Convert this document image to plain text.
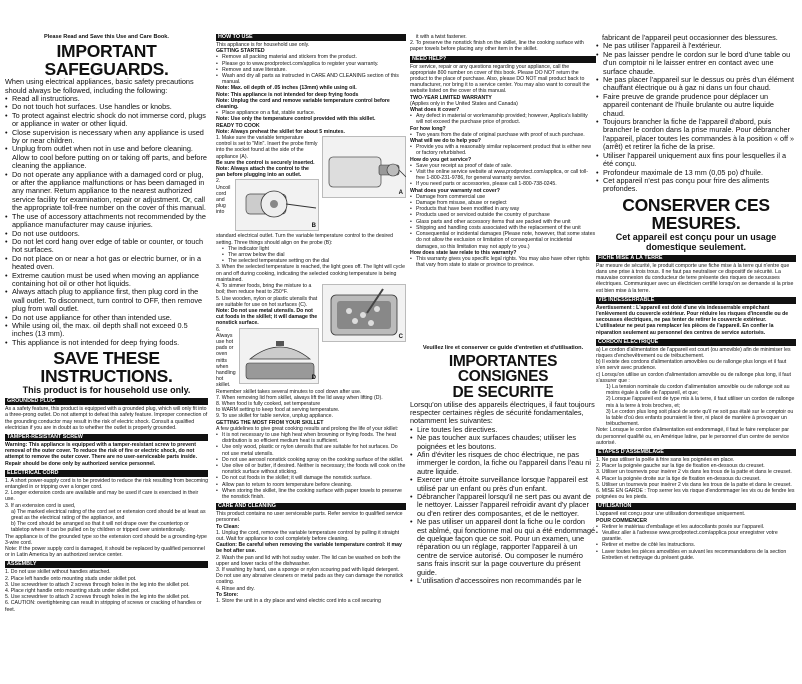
Please Read and Save this Use and Care Book.
IMPORTANT SAFEGUARDS.

When using electrical appliances, basic safety precautions should always be followed, including the following:

• Read all instructions.
• Do not touch hot surfaces. Use handles or knobs.
• To protect against electric shock do not immerse cord, plugs or appliance in water or other liquid.
• Close supervision is necessary when any appliance is used by or near children.
• Unplug from outlet when not in use and before cleaning. Allow to cool before putting on or taking off parts, and before cleaning the appliance.
• Do not operate any appliance with a damaged cord or plug, or after the appliance malfunctions or has been damaged in any manner. Return appliance to the nearest authorized service facility for examination, repair or adjustment. Or, call the appropriate toll-free number on the cover of this manual.
• The use of accessory attachments not recommended by the appliance manufacturer may cause injuries.
• Do not use outdoors.
• Do not let cord hang over edge of table or counter, or touch hot surfaces.
• Do not place on or near a hot gas or electric burner, or in a heated oven.
• Extreme caution must be used when moving an appliance containing hot oil or other hot liquids.
• Always attach plug to appliance first, then plug cord in the wall outlet. To disconnect, turn control to OFF, then remove plug from wall outlet.
• Do not use appliance for other than intended use.
• While using oil, the max. oil depth shall not exceed 0.5 inches (13 mm).
• This appliance is not intended for deep frying foods.
SAVE THESE INSTRUCTIONS.
This product is for household use only.
GROUNDED PLUG

As a safety feature, this product is equipped with a grounded plug, which will only fit into a three-prong outlet. Do not attempt to defeat this safety feature. Improper connection of the grounding conductor may result in the risk of electric shock. Consult a qualified electrician if you are in doubt as to whether the outlet is properly grounded.

TAMPER-RESISTANT SCREW

Warning: This appliance is equipped with a tamper-resistant screw to prevent removal of the outer cover. To reduce the risk of fire or electric shock, do not attempt to remove the outer cover. There are no user-serviceable parts inside. Repair should be done only by authorized service personnel.

ELECTRICAL CORD

1. A short power-supply cord is to be provided to reduce the risk resulting from becoming entangled in or tripping over a longer cord.

2. Longer extension cords are available and may be used if care is exercised in their use.

3. If an extension cord is used,

a) The marked electrical rating of the cord set or extension cord should be at least as great as the electrical rating of the appliance, and

b) The cord should be arranged so that it will not drape over the countertop or tabletop where it can be pulled on by children or tripped over unintentionally.

The appliance is of the grounded type so the extension cord should be a grounding-type 3-wire cord.

Note: If the power supply cord is damaged, it should be replaced by qualified personnel or in Latin America by an authorized service center.

ASSEMBLY

1. Do not use skillet without handles attached.

2. Place left handle onto mounting studs under skillet pot.

3. Use screwdriver to attach 2 screws through holes in the leg into the skillet pot.

4. Place right handle onto mounting studs under skillet pot.

5. Use screwdriver to attach 2 screws through holes in the leg into the skillet pot.

6. CAUTION: overtightening can result in stripping of screws or cracking of handles or feet.

HOW TO USE

This appliance is for household use only.

GETTING STARTED

• Remove all packing material and stickers from the product.
• Please go to www.prodprotect.com/applica to register your warranty.
• Remove and save literature.
• Wash and dry all parts as instructed in CARE AND CLEANING section of this manual.

Note: Max. oil depth of .05 inches (13mm) while using oil.

Note: This appliance is not intended for deep frying foods

Note: Unplug the cord and remove variable temperature control before cleaning.

• Place appliance on a flat, stable surface.

Note: Use only the temperature control provided with this skillet.

READY TO COOK

Note: Always preheat the skillet for about 5 minutes.

A

1. Make sure the variable temperature control is set to "Min". Insert the probe firmly into the socket found at the side of the appliance (A).

Be sure the control is securely inserted.

Note: Always attach the control to the pan before plugging into an outlet.

B

2. Uncoil cord and plug into standard electrical outlet. Turn the variable temperature control to the desired setting. Three things should align on the probe (B):

• The indicator light
• The arrow below the dial
• The selected temperature setting on the dial

3. When the selected temperature is reached, the light goes off. The light will cycle on and off during cooking, indicating the selected cooking temperature is being maintained.

C

4. To simmer foods, bring the mixture to a boil; then reduce heat to 250°F.

5. Use wooden, nylon or plastic utensils that are suitable for use on hot surfaces (C).

Note: Do not use metal utensils. Do not cut foods in the skillet; it will damage the nonstick surface.

D

6. Always use hot pads or oven mitts when handling hot skillet. Remember skillet takes several minutes to cool down after use.

7. When removing lid from skillet, always lift the lid away when lifting (D).

8. When food is fully cooked, set temperature

to WARM setting to keep food at serving temperature.

9. To use skillet for table service, unplug appliance.

GETTING THE MOST FROM YOUR SKILLET

A few guidelines to give great cooking results and prolong the life of your skillet:

• It is not necessary to use high heat when browning or frying foods. The heat distribution is so efficient medium heat is sufficient.
• Use only wood, plastic or nylon utensils that are suitable for hot surfaces. Do not use metal utensils.
• Do not use aerosol nonstick cooking spray on the cooking surface of the skillet.
• Use olive oil or butter, if desired. Neither is necessary; the foods will cook on the nonstick surface without sticking.
• Do not cut foods in the skillet; it will damage the nonstick surface.
• Allow pan to return to room temperature before cleaning.
• When storing the skillet, line the cooking surface with paper towels to preserve the nonstick finish.
CARE AND CLEANING

This product contains no user serviceable parts. Refer service to qualified service personnel.

To Clean:

1. Unplug the cord, remove the variable temperature control by pulling it straight out. Wait for appliance to cool completely before cleaning.

Caution: Be careful when removing the variable temperature control: it may be hot after use.

2. Wash the pan and lid with hot sudsy water. The lid can be washed on both the upper and lower racks of the dishwasher.

3. If washing by hand, use a sponge or nylon scouring pad with liquid detergent. Do not use any abrasive cleaners or metal pads as they can damage the nonstick coating.

4. Rinse and dry.

To Store:

1. Store the unit in a dry place and wind electric cord into a coil securing

it with a twist fastener.

2. To preserve the nonstick finish on the skillet, line the cooking surface with paper towels before placing any other item in the skillet.

NEED HELP?

For service, repair or any questions regarding your appliance, call the appropriate 800 number on cover of this book. Please DO NOT return the product to the place of purchase. Also, please DO NOT mail product back to manufacturer, nor bring it to a service center. You may also want to consult the website listed on the cover of this manual.

TWO-YEAR LIMITED WARRANTY

(Applies only in the United States and Canada)

What does it cover?

• Any defect in material or workmanship provided; however, Applica's liability will not exceed the purchase price of product.

For how long?

• Two years from the date of original purchase with proof of such purchase.

What will we do to help you?

• Provide you with a reasonably similar replacement product that is either new or factory refurbished.

How do you get service?

• Save your receipt as proof of date of sale.
• Visit the online service website at www.prodprotect.com/applica, or call toll-free 1-800-231-9786, for general warranty service.
• If you need parts or accessories, please call 1-800-738-0245.

What does your warranty not cover?

• Damage from commercial use
• Damage from misuse, abuse or neglect
• Products that have been modified in any way
• Products used or serviced outside the country of purchase
• Glass parts and other accessory items that are packed with the unit
• Shipping and handling costs associated with the replacement of the unit
• Consequential or incidental damages (Please note, however, that some states do not allow the exclusion or limitation of consequential or incidental damages, so this limitation may not apply to you.)

How does state law relate to this warranty?

• This warranty gives you specific legal rights. You may also have other rights that vary from state to state or province to province.
Veuillez lire et conserver ce guide d'entretien et d'utilisation.
IMPORTANTES CONSIGNES
DE SECURITE

Lorsqu'on utilise des appareils électriques, il faut toujours respecter certaines règles de sécurité fondamentales, notamment les suivantes:

• Lire toutes les directives.
• Ne pas toucher aux surfaces chaudes; utiliser les poignées et les boutons.
• Afin d'éviter les risques de choc électrique, ne pas immerger le cordon, la fiche ou l'appareil dans l'eau ni autre liquide.
• Exercer une étroite surveillance lorsque l'appareil est utilisé par un enfant ou près d'un enfant.
• Débrancher l'appareil lorsqu'il ne sert pas ou avant de le nettoyer. Laisser l'appareil refroidir avant d'y placer ou d'en retirer des composantes, et de le nettoyer.
• Ne pas utiliser un appareil dont la fiche ou le cordon est abîmé, qui fonctionne mal ou qui a été endommagé de quelque façon que ce soit. Pour un examen, une réparation ou un réglage, rapporter l'appareil à un centre de service autorisé. Ou composer le numéro sans frais inscrit sur la page couverture du présent guide.
• L'utilisation d'accessoires non recommandés par le

fabricant de l'appareil peut occasionner des blessures.

• Ne pas utiliser l'appareil à l'extérieur.
• Ne pas laisser pendre le cordon sur le bord d'une table ou d'un comptoir ni le laisser entrer en contact avec une surface chaude.
• Ne pas placer l'appareil sur le dessus ou près d'un élément chauffant électrique ou à gaz ni dans un four chaud.
• Faire preuve de grande prudence pour déplacer un appareil contenant de l'huile brulante ou autre liquide chaud.
• Toujours brancher la fiche de l'appareil d'abord, puis brancher le cordon dans la prise murale. Pour débrancher l'appareil, placer toutes les commandes à la position « off » (arrêt) et retirer la fiche de la prise.
• Utiliser l'appareil uniquement aux fins pour lesquelles il a été conçu.
• Profondeur maximale de 13 mm (0,05 po) d'huile.
• Cet appareil n'est pas conçu pour frire des aliments profondes.
CONSERVER CES MESURES.
Cet appareil est conçu pour un usage domestique seulement.
FICHE MISE À LA TERRE

Par mesure de sécurité, le produit comporte une fiche mise à la terre qui n'entre que dans une prise à trois trous. Il ne faut pas neutraliser ce dispositif de sécurité. La mauvaise connexion du conducteur de terre présente des risques de secousses électriques. Communiquer avec un électricien certifié lorsqu'on se demande si la prise est bien mise à la terre.

VIS INDESSERRABLE

Avertissement : L'appareil est doté d'une vis indesserrable empêchant l'enlèvement du couvercle extérieur. Pour réduire les risques d'incendie ou de secousses électriques, ne pas tenter de retirer le couvercle extérieur. L'utilisateur ne peut pas remplacer les pièces de l'appareil. En confier la réparation seulement au personnel des centres de service autorisés.

CORDON ÉLECTRIQUE

a) Le cordon d'alimentation de l'appareil est court (ou amovible) afin de minimiser les risques d'enchevêtrement ou de trébuchement.

b) Il existe des cordons d'alimentation amovibles ou de rallonge plus longs et il faut s'en servir avec prudence.

c) Lorsqu'on utilise un cordon d'alimentation amovible ou de rallonge plus long, il faut s'assurer que :

1) La tension nominale du cordon d'alimentation amovible ou de rallonge soit au moins égale à celle de l'appareil, et que;

2) Lorsque l'appareil est de type mis à la terre, il faut utiliser un cordon de rallonge mis à la terre à trois broches, et;

3) Le cordon plus long soit placé de sorte qu'il ne soit pas étalé sur le comptoir ou la table d'où des enfants pourraient le tirer, ni placé de manière à provoquer un trébuchement.

Note: Lorsque le cordon d'alimentation est endommagé, il faut le faire remplacer par du personnel qualifié ou, en Amérique latine, par le personnel d'un centre de service autorisé.

ÉTAPES D'ASSEMBLAGE

1. Ne pas utiliser la poêle à frire sans les poignées en place.

2. Placer la poignée gauche sur la tige de fixation en-dessous du creuset.

3. Utiliser un tournevis pour insérer 2 vis dans les trous de la patte et dans le creuset.

4. Placer la poignée droite sur la tige de fixation en-dessous du creuset.

5. Utiliser un tournevis pour insérer 2 vis dans les trous de la patte et dans le creuset.

6. MISE EN GARDE : Trop serrer les vis risque d'endommager les vis ou de fendre les poignées ou les pieds.

UTILISATION

L'appareil est conçu pour une utilisation domestique uniquement.

POUR COMMENCER

• Retirer le matériau d'emballage et les autocollants posés sur l'appareil.
• Veuillez aller à l'adresse www.prodprotect.com/applica pour enregistrer votre garantie.
• Retirer et mettre de côté les instructions.
• Laver toutes les pièces amovibles en suivant les recommandations de la section Entretien et nettoyage du présent guide.
